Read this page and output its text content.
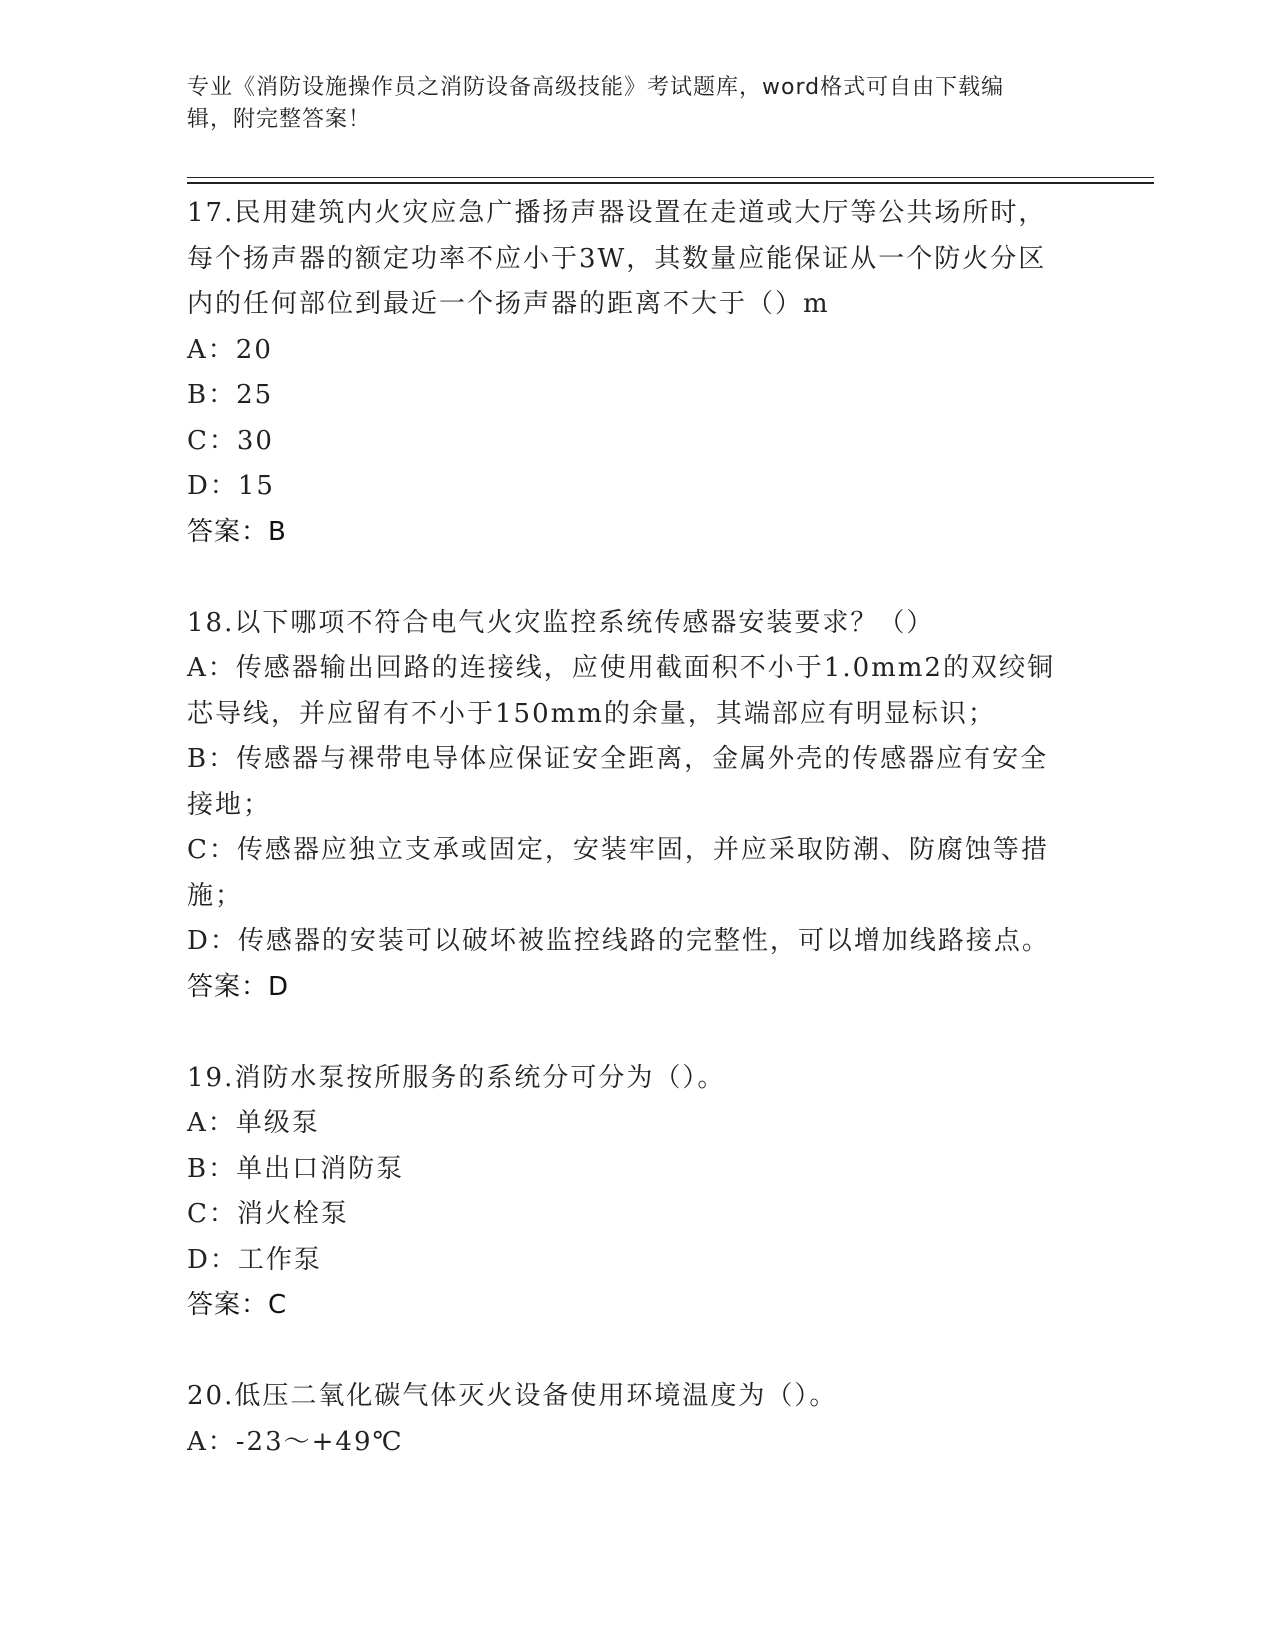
专业《消防设施操作员之消防设备高级技能》考试题库，word格式可自由下载编
辑，附完整答案！
17.民用建筑内火灾应急广播扬声器设置在走道或大厅等公共场所时，
每个扬声器的额定功率不应小于3W，其数量应能保证从一个防火分区
内的任何部位到最近一个扬声器的距离不大于（）m
A：20
B：25
C：30
D：15
答案：B
18.以下哪项不符合电气火灾监控系统传感器安装要求？（）
A：传感器输出回路的连接线，应使用截面积不小于1.0mm2的双绞铜
芯导线，并应留有不小于150mm的余量，其端部应有明显标识；
B：传感器与裸带电导体应保证安全距离，金属外壳的传感器应有安全
接地；
C：传感器应独立支承或固定，安装牢固，并应采取防潮、防腐蚀等措
施；
D：传感器的安装可以破坏被监控线路的完整性，可以增加线路接点。
答案：D
19.消防水泵按所服务的系统分可分为（）。
A：单级泵
B：单出口消防泵
C：消火栓泵
D：工作泵
答案：C
20.低压二氧化碳气体灭火设备使用环境温度为（）。
A：-23～+49℃
